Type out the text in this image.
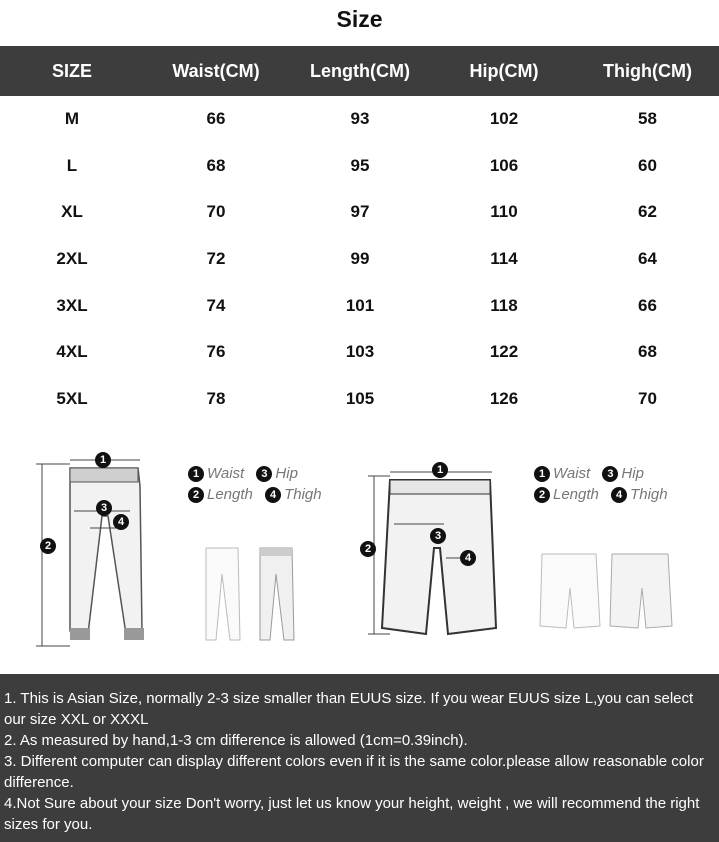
Size
SIZE	Waist(CM)	Length(CM)	Hip(CM)	Thigh(CM)
M	66	93	102	58
L	68	95	106	60
XL	70	97	110	62
2XL	72	99	114	64
3XL	74	101	118	66
4XL	76	103	122	68
5XL	78	105	126	70
1
2
3
4
1 Waist 3 Hip
2 Length 4 Thigh
1
2
3
4
1 Waist 3 Hip
2 Length 4 Thigh

1. This is Asian Size, normally 2-3 size smaller than EUUS size. If you wear EUUS size L,you can select our size XXL or XXXL

2. As measured by hand,1-3 cm difference is allowed (1cm=0.39inch).

3. Different computer can display different colors even if it is the same color.please allow reasonable color difference.

4.Not Sure about your size Don't worry, just let us know your height, weight , we will recommend the right sizes for you.
